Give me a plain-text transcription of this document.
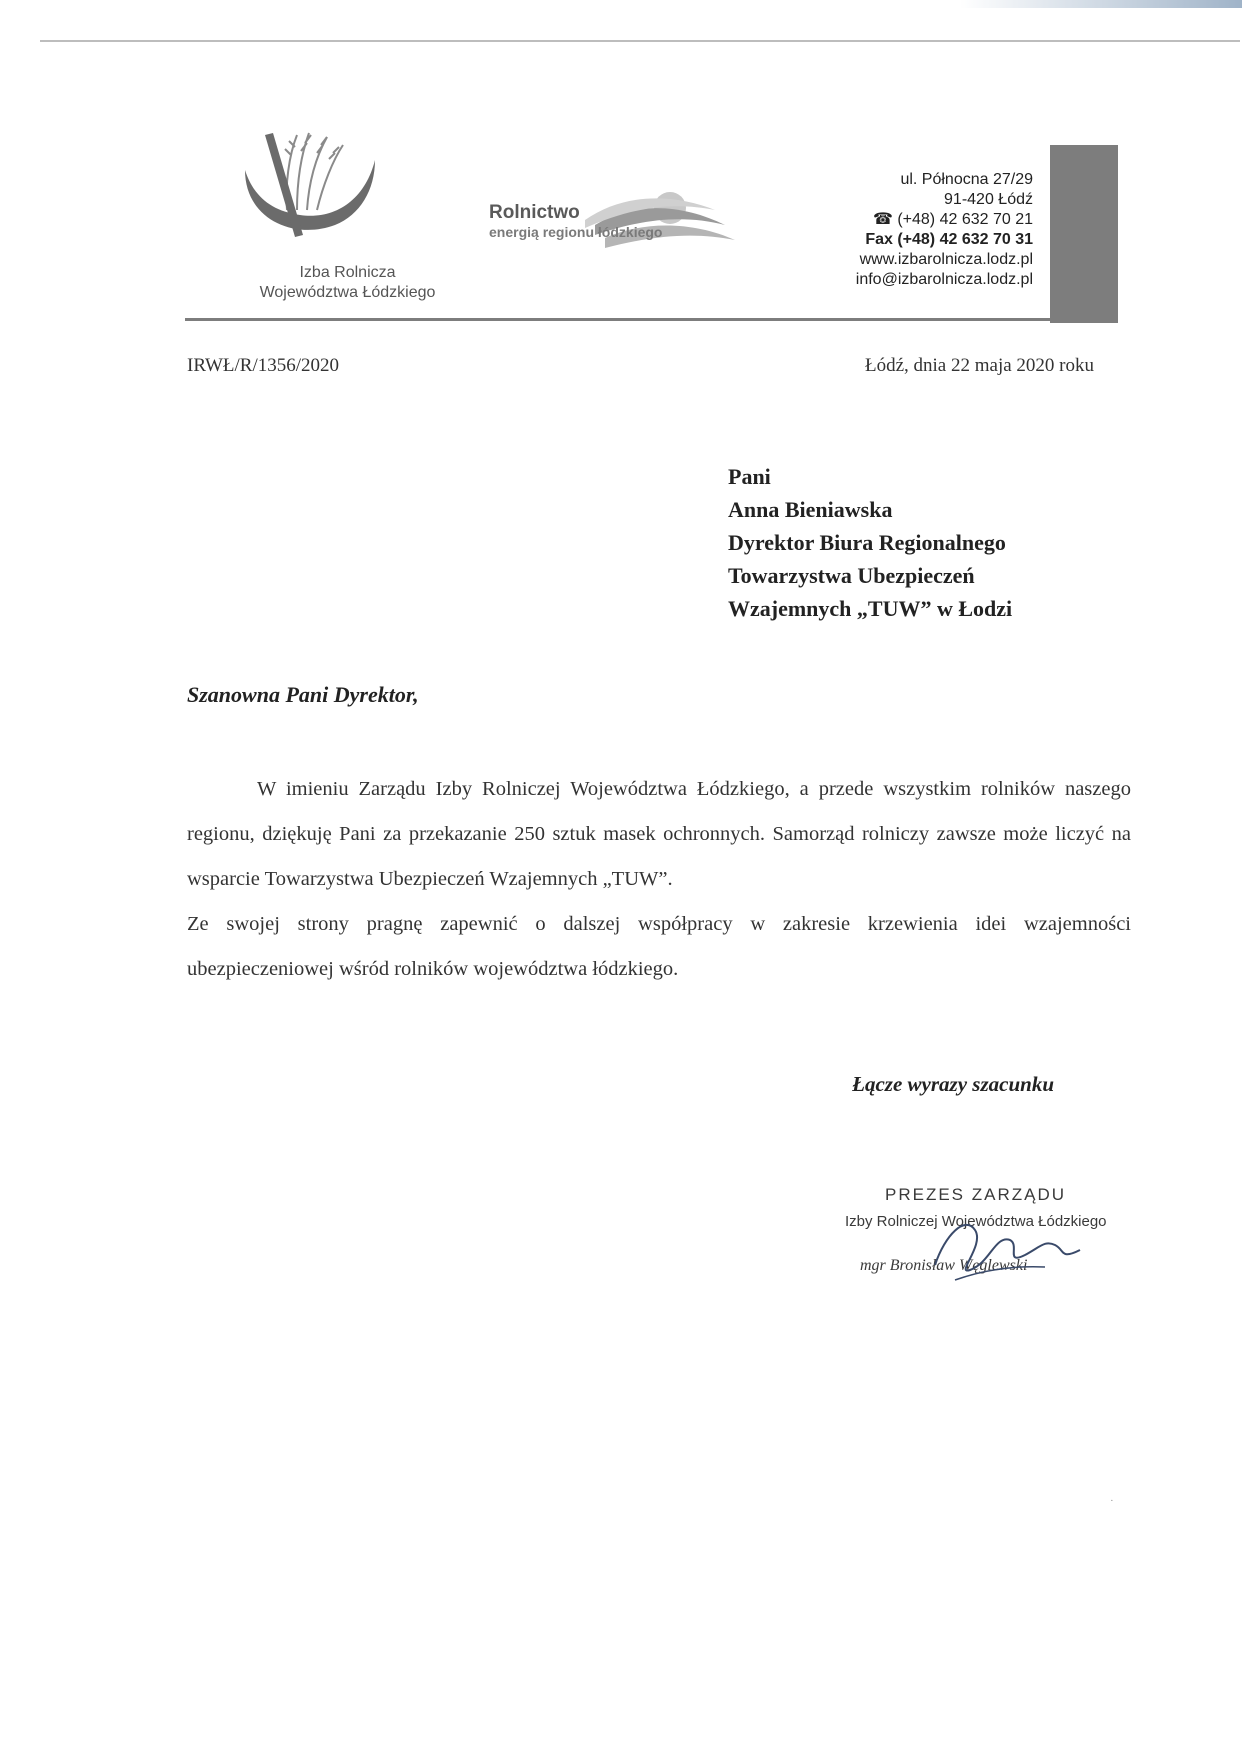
Izba Rolnicza
Województwa Łódzkiego
Rolnictwo
energią regionu łódzkiego
ul. Północna 27/29
91-420 Łódź
☎ (+48) 42 632 70 21
Fax (+48) 42 632 70 31
www.izbarolnicza.lodz.pl
info@izbarolnicza.lodz.pl
IRWŁ/R/1356/2020	Łódź, dnia 22 maja 2020 roku
Pani
Anna Bieniawska
Dyrektor Biura Regionalnego
Towarzystwa Ubezpieczeń
Wzajemnych „TUW” w Łodzi
Szanowna Pani Dyrektor,

W imieniu Zarządu Izby Rolniczej Województwa Łódzkiego, a przede wszystkim rolników naszego regionu, dziękuję Pani za przekazanie 250 sztuk masek ochronnych. Samorząd rolniczy zawsze może liczyć na wsparcie Towarzystwa Ubezpieczeń Wzajemnych „TUW”.

Ze swojej strony pragnę zapewnić o dalszej współpracy w zakresie krzewienia idei wzajemności ubezpieczeniowej wśród rolników województwa łódzkiego.

Łącze wyrazy szacunku
PREZES ZARZĄDU
Izby Rolniczej Województwa Łódzkiego
mgr Bronisław Węglewski
·
